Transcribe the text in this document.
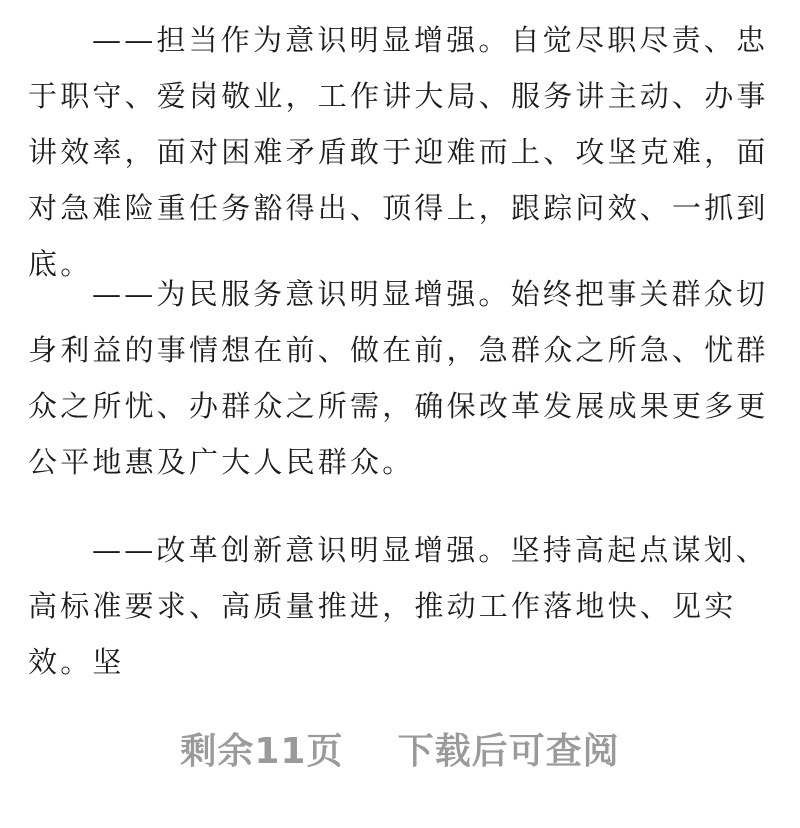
——担当作为意识明显增强。自觉尽职尽责、忠于职守、爱岗敬业，工作讲大局、服务讲主动、办事讲效率，面对困难矛盾敢于迎难而上、攻坚克难，面对急难险重任务豁得出、顶得上，跟踪问效、一抓到底。

——为民服务意识明显增强。始终把事关群众切身利益的事情想在前、做在前，急群众之所急、忧群众之所忧、办群众之所需，确保改革发展成果更多更公平地惠及广大人民群众。

——改革创新意识明显增强。坚持高起点谋划、高标准要求、高质量推进，推动工作落地快、见实效。坚

剩余11页 下载后可查阅
